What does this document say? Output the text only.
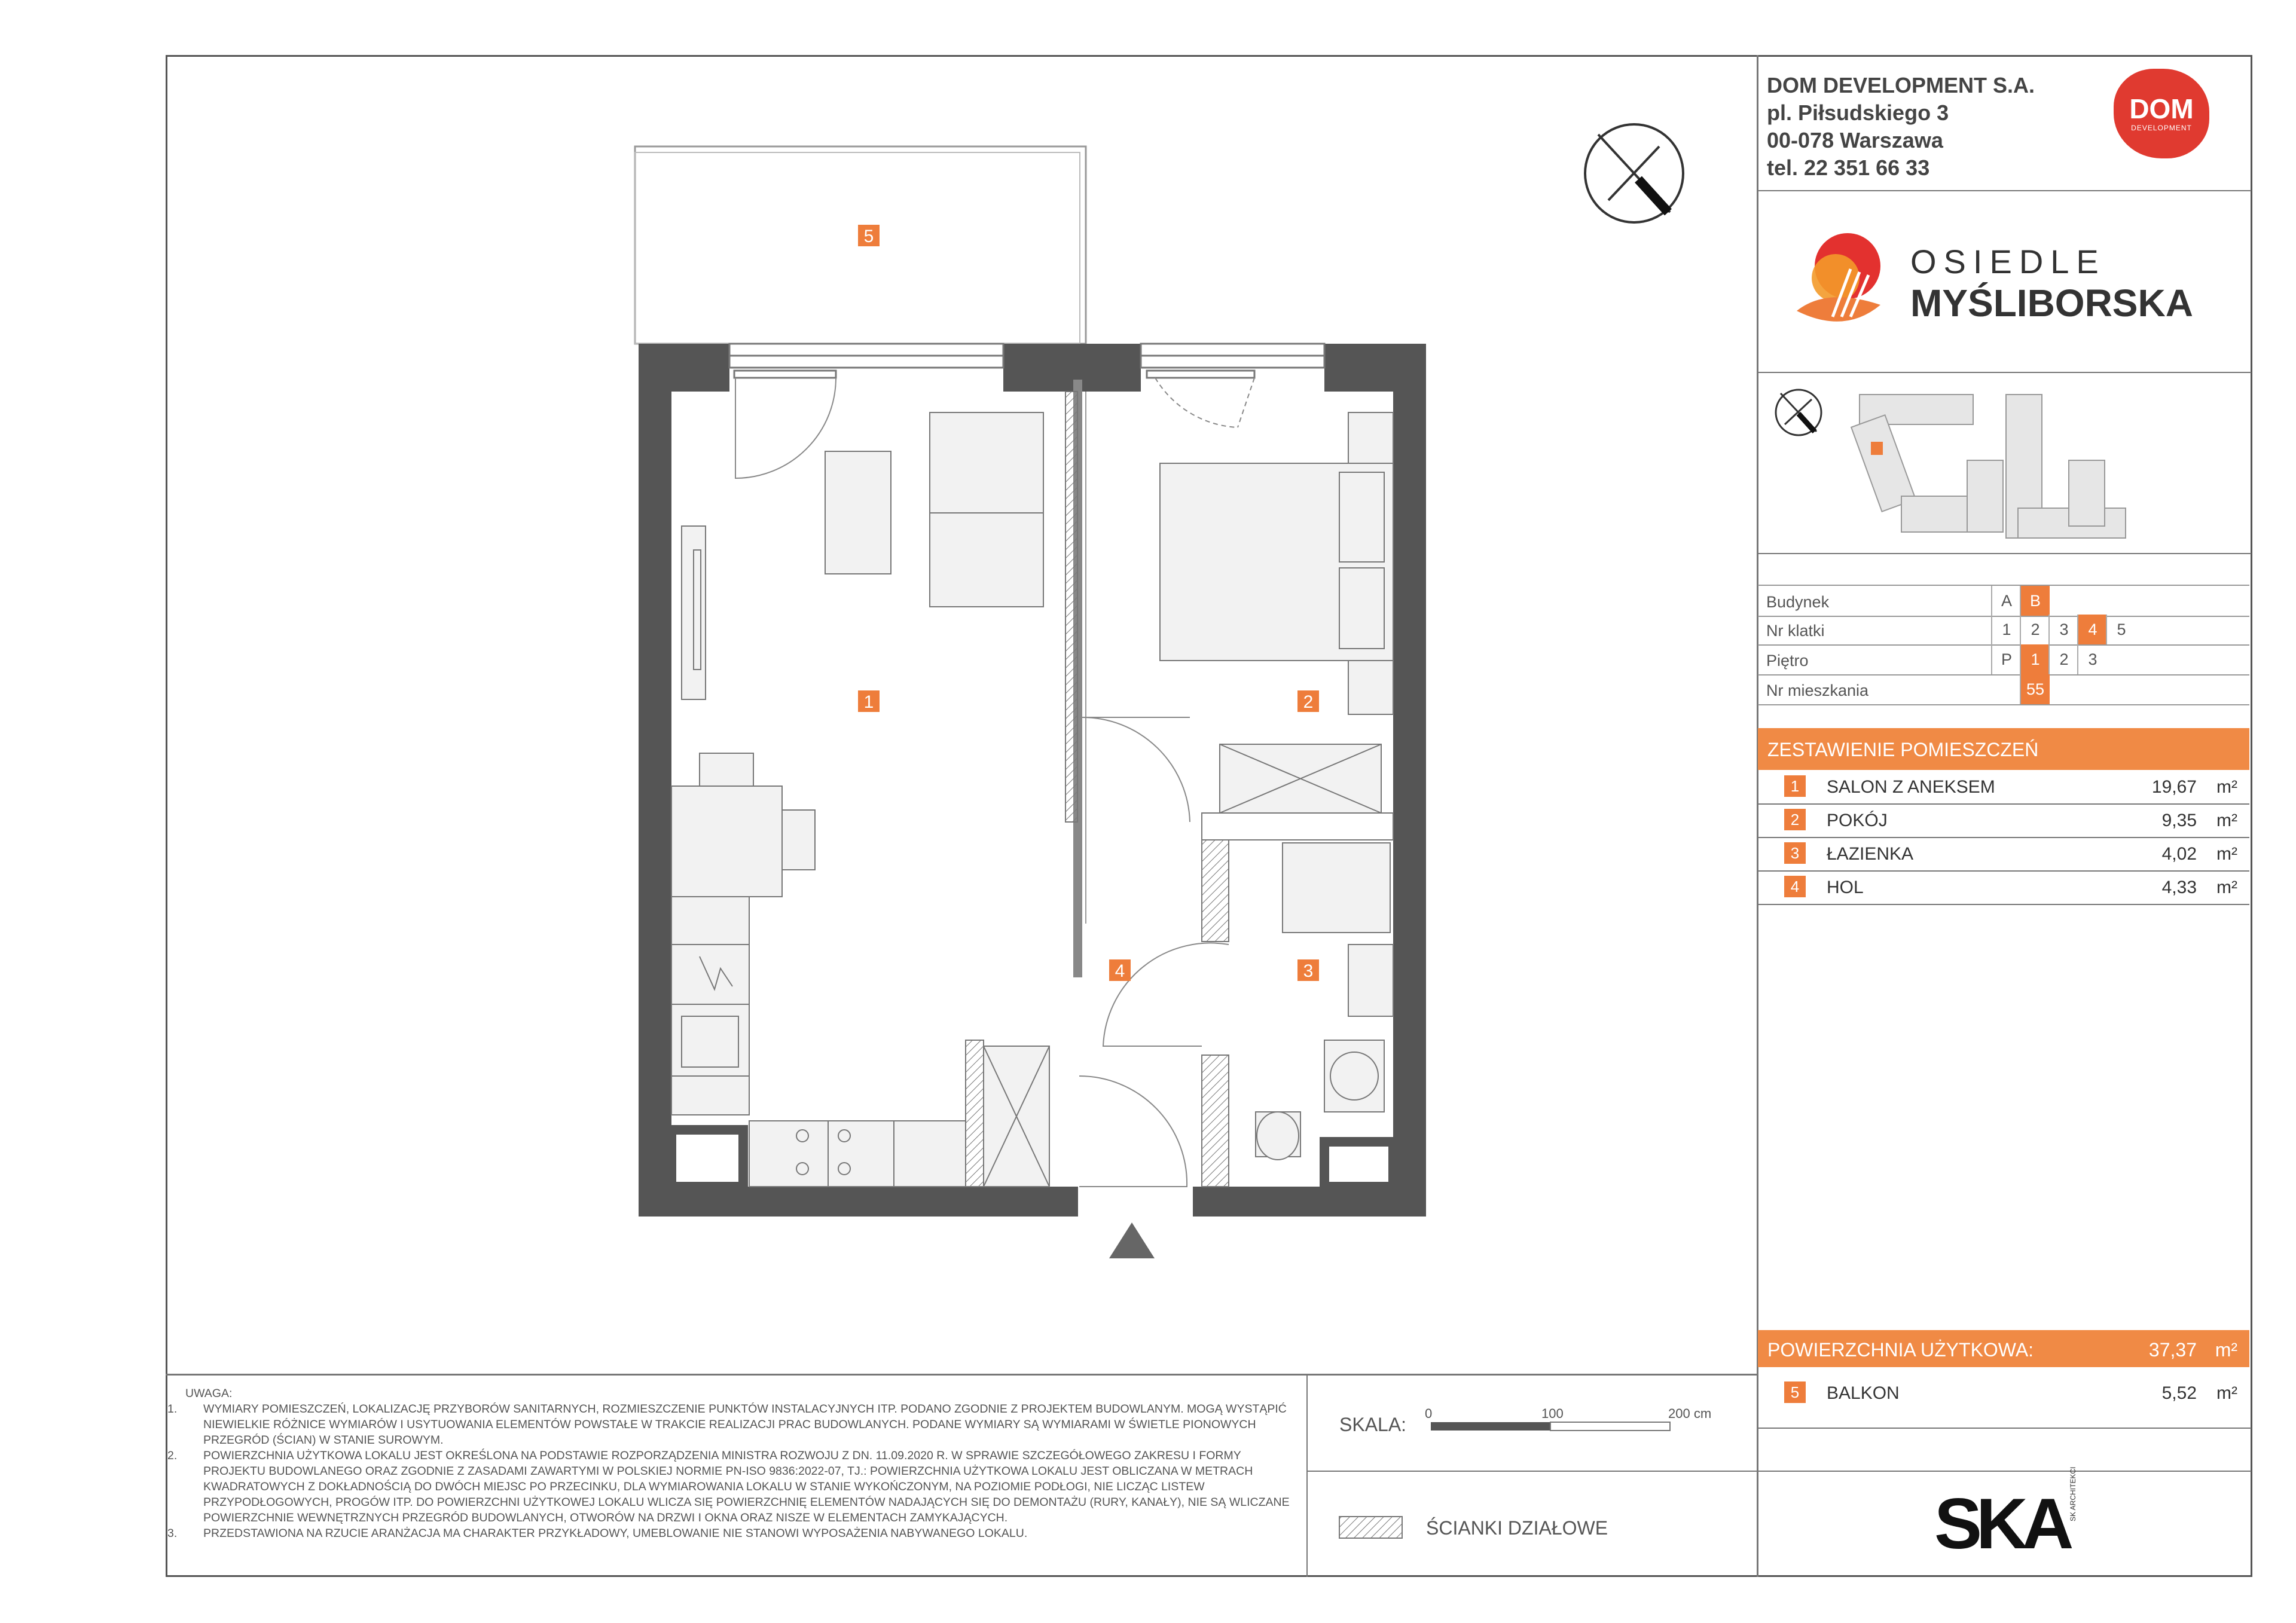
5
1	2
3
4
DOM DEVELOPMENT S.A.
pl. Piłsudskiego 3
00-078 Warszawa
tel. 22 351 66 33
DOM
DEVELOPMENT
OSIEDLE
MYŚLIBORSKA
Budynek	A	B
Nr klatki	1	2	3	4	5
Piętro	P	1	2	3
Nr mieszkania	55
ZESTAWIENIE POMIESZCZEŃ
1	SALON Z ANEKSEM	19,67 m²
2	POKÓJ	9,35 m²
3	ŁAZIENKA	4,02 m²
4	HOL	4,33 m²
POWIERZCHNIA UŻYTKOWA:	37,37 m²
5	BALKON	5,52 m²
SKALA:
0	100	200 cm
ŚCIANKI DZIAŁOWE	SKA SK ARCHITEKCI

UWAGA:

1. WYMIARY POMIESZCZEŃ, LOKALIZACJĘ PRZYBORÓW SANITARNYCH, ROZMIESZCZENIE PUNKTÓW INSTALACYJNYCH ITP. PODANO ZGODNIE Z PROJEKTEM BUDOWLANYM. MOGĄ WYSTĄPIĆ NIEWIELKIE RÓŻNICE WYMIARÓW I USYTUOWANIA ELEMENTÓW POWSTAŁE W TRAKCIE REALIZACJI PRAC BUDOWLANYCH. PODANE WYMIARY SĄ WYMIARAMI W ŚWIETLE PIONOWYCH PRZEGRÓD (ŚCIAN) W STANIE SUROWYM.

2. POWIERZCHNIA UŻYTKOWA LOKALU JEST OKREŚLONA NA PODSTAWIE ROZPORZĄDZENIA MINISTRA ROZWOJU Z DN. 11.09.2020 R. W SPRAWIE SZCZEGÓŁOWEGO ZAKRESU I FORMY PROJEKTU BUDOWLANEGO ORAZ ZGODNIE Z ZASADAMI ZAWARTYMI W POLSKIEJ NORMIE PN-ISO 9836:2022-07, TJ.: POWIERZCHNIA UŻYTKOWA LOKALU JEST OBLICZANA W METRACH KWADRATOWYCH Z DOKŁADNOŚCIĄ DO DWÓCH MIEJSC PO PRZECINKU, DLA WYMIAROWANIA LOKALU W STANIE WYKOŃCZONYM, NA POZIOMIE PODŁOGI, NIE LICZĄC LISTEW PRZYPODŁOGOWYCH, PROGÓW ITP. DO POWIERZCHNI UŻYTKOWEJ LOKALU WLICZA SIĘ POWIERZCHNIĘ ELEMENTÓW NADAJĄCYCH SIĘ DO DEMONTAŻU (RURY, KANAŁY), NIE SĄ WLICZANE POWIERZCHNIE WEWNĘTRZNYCH PRZEGRÓD BUDOWLANYCH, OTWORÓW NA DRZWI I OKNA ORAZ NISZE W ELEMENTACH ZAMYKAJĄCYCH.

3. PRZEDSTAWIONA NA RZUCIE ARANŻACJA MA CHARAKTER PRZYKŁADOWY, UMEBLOWANIE NIE STANOWI WYPOSAŻENIA NABYWANEGO LOKALU.
